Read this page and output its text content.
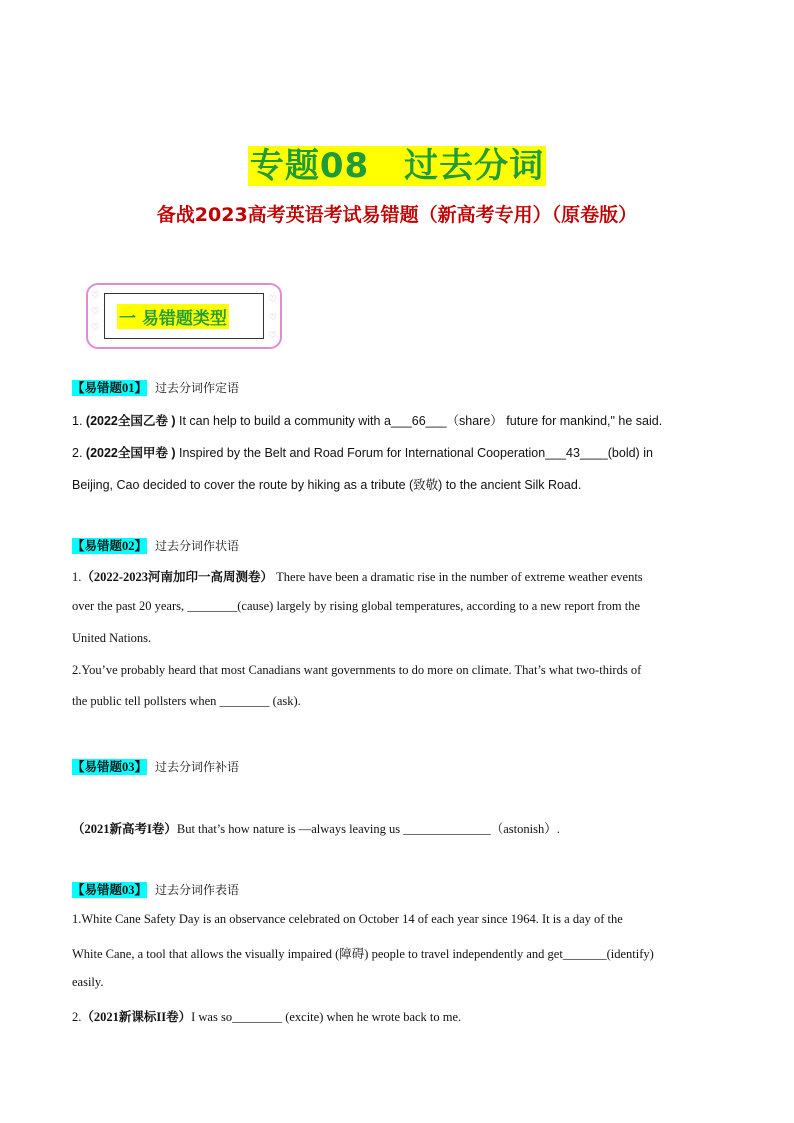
专题08　过去分词
备战2023高考英语考试易错题（新高考专用）（原卷版）
♡
♡
♡
♡
♡
♡
一 易错题类型
【易错题01】 过去分词作定语
1. (2022全国乙卷 ) It can help to build a community with a___66___（share） future for mankind," he said.
2. (2022全国甲卷 ) Inspired by the Belt and Road Forum for International Cooperation___43____(bold) in
Beijing, Cao decided to cover the route by hiking as a tribute (致敬) to the ancient Silk Road.
【易错题02】 过去分词作状语
1.（2022-2023河南加印一高周测卷） There have been a dramatic rise in the number of extreme weather events
over the past 20 years, ________(cause) largely by rising global temperatures, according to a new report from the
United Nations.
2.You’ve probably heard that most Canadians want governments to do more on climate. That’s what two-thirds of
the public tell pollsters when ________ (ask).
【易错题03】 过去分词作补语
（2021新高考I卷）But that’s how nature is —always leaving us ______________（astonish）.
【易错题03】 过去分词作表语
1.White Cane Safety Day is an observance celebrated on October 14 of each year since 1964. It is a day of the
White Cane, a tool that allows the visually impaired (障碍) people to travel independently and get_______(identify)
easily.
2.（2021新课标II卷）I was so________ (excite) when he wrote back to me.
